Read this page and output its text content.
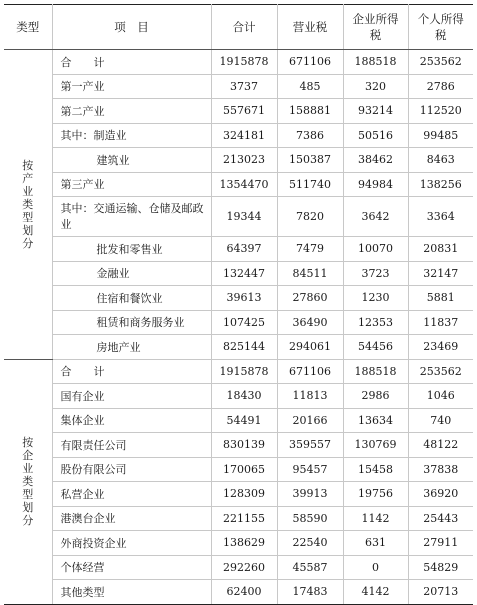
类型	项　目	合计	营业税	企业所得税	个人所得税
按产业类型划分	合　　计	1915878	671106	188518	253562
	第一产业	3737	485	320	2786
	第二产业	557671	158881	93214	112520
	其中：制造业	324181	7386	50516	99485
	建筑业	213023	150387	38462	8463
	第三产业	1354470	511740	94984	138256
	其中：交通运输、仓储及邮政业	19344	7820	3642	3364
	批发和零售业	64397	7479	10070	20831
	金融业	132447	84511	3723	32147
	住宿和餐饮业	39613	27860	1230	5881
	租赁和商务服务业	107425	36490	12353	11837
	房地产业	825144	294061	54456	23469
按企业类型划分	合　　计	1915878	671106	188518	253562
	国有企业	18430	11813	2986	1046
	集体企业	54491	20166	13634	740
	有限责任公司	830139	359557	130769	48122
	股份有限公司	170065	95457	15458	37838
	私营企业	128309	39913	19756	36920
	港澳台企业	221155	58590	1142	25443
	外商投资企业	138629	22540	631	27911
	个体经营	292260	45587	0	54829
	其他类型	62400	17483	4142	20713
